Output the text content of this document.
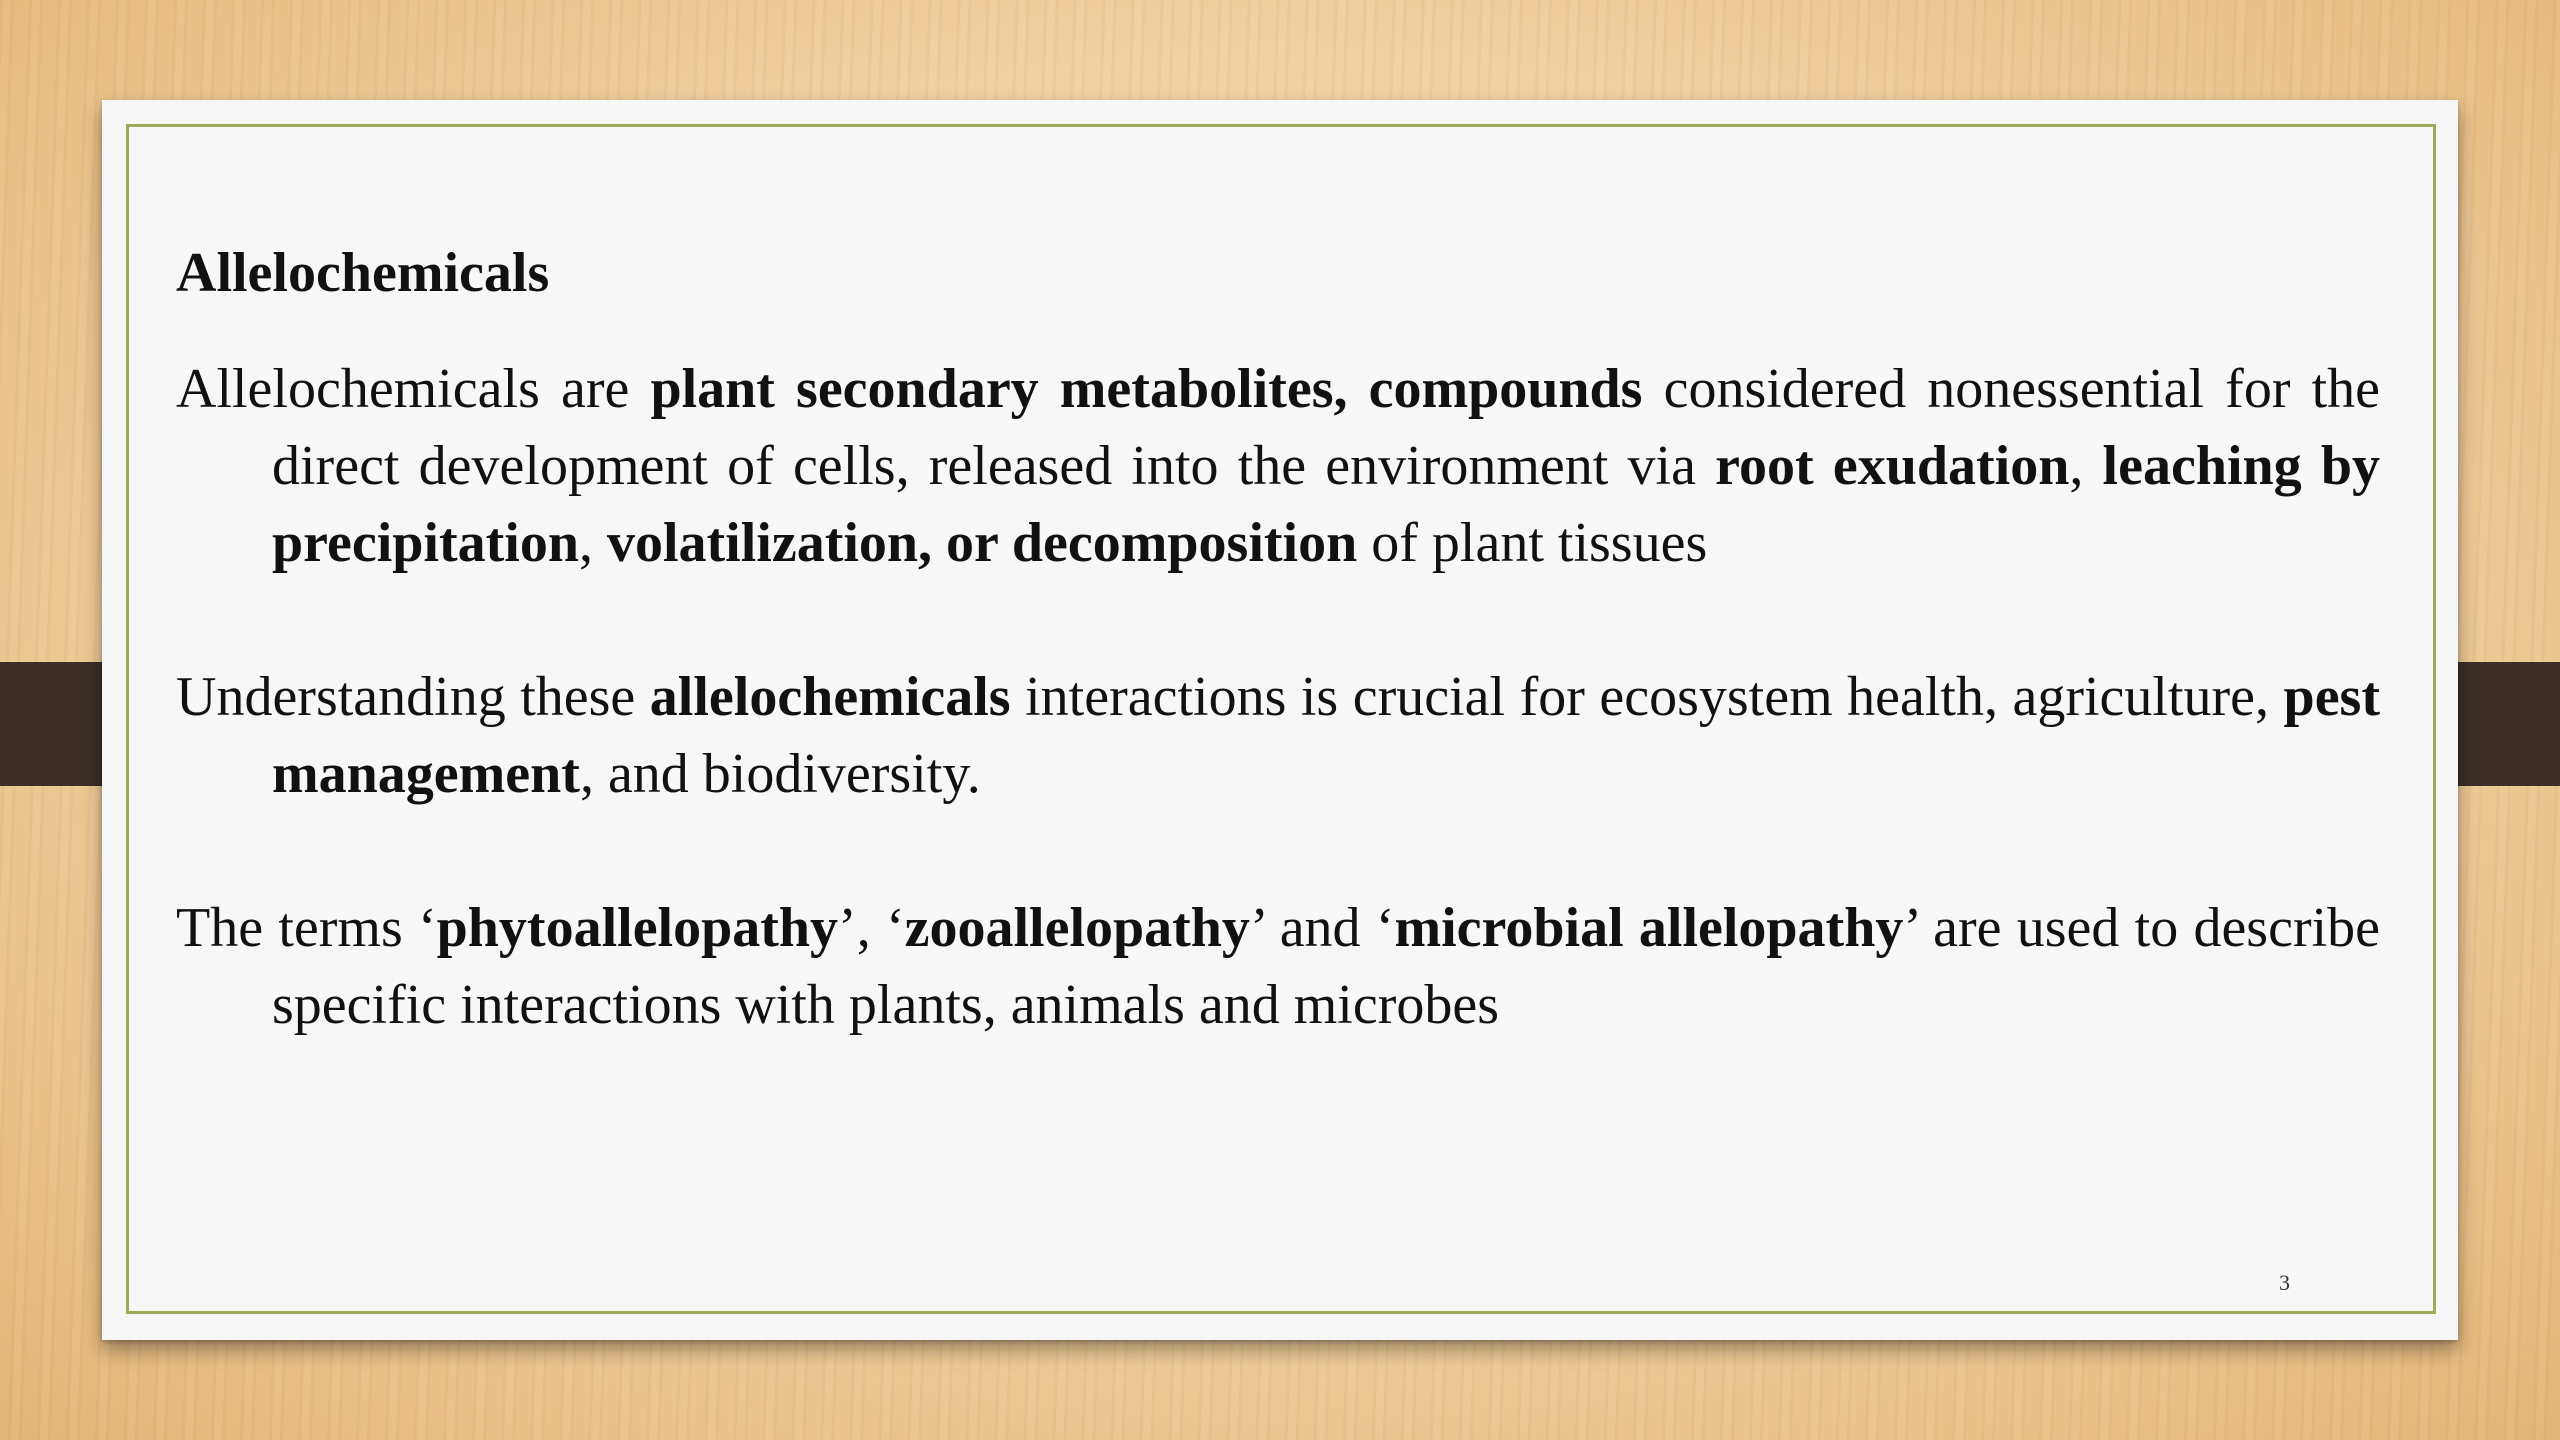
Allelochemicals

Allelochemicals are plant secondary metabolites, compounds considered nonessential for the direct development of cells, released into the environment via root exudation, leaching by precipitation, volatilization, or decomposition of plant tissues

Understanding these allelochemicals interactions is crucial for ecosystem health, agriculture, pest management, and biodiversity.

The terms ‘phytoallelopathy’, ‘zooallelopathy’ and ‘microbial allelopathy’ are used to describe specific interactions with plants, animals and microbes

3
